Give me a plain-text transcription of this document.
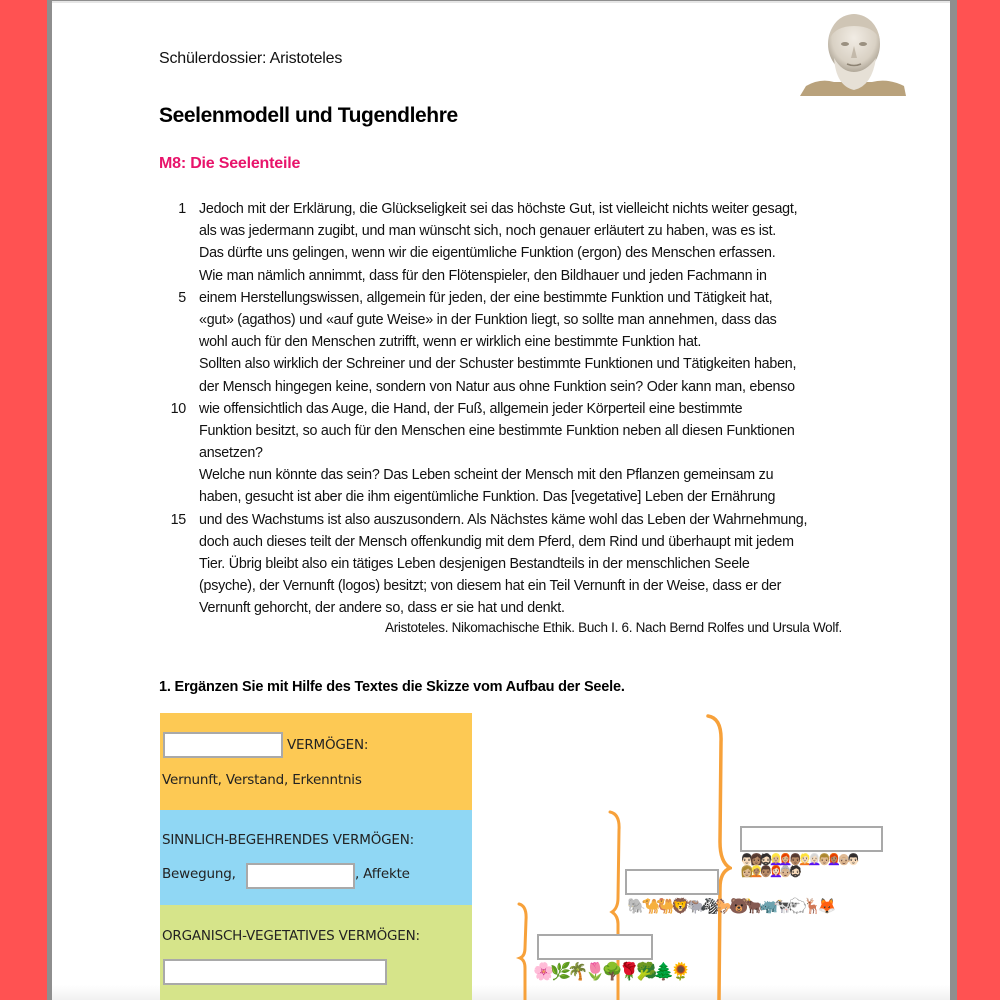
Schülerdossier: Aristoteles
Seelenmodell und Tugendlehre
M8: Die Seelenteile
1 Jedoch mit der Erklärung, die Glückseligkeit sei das höchste Gut, ist vielleicht nichts weiter gesagt,
als was jedermann zugibt, und man wünscht sich, noch genauer erläutert zu haben, was es ist.
Das dürfte uns gelingen, wenn wir die eigentümliche Funktion (ergon) des Menschen erfassen.
Wie man nämlich annimmt, dass für den Flötenspieler, den Bildhauer und jeden Fachmann in
5 einem Herstellungswissen, allgemein für jeden, der eine bestimmte Funktion und Tätigkeit hat,
«gut» (agathos) und «auf gute Weise» in der Funktion liegt, so sollte man annehmen, dass das
wohl auch für den Menschen zutrifft, wenn er wirklich eine bestimmte Funktion hat.
Sollten also wirklich der Schreiner und der Schuster bestimmte Funktionen und Tätigkeiten haben,
der Mensch hingegen keine, sondern von Natur aus ohne Funktion sein? Oder kann man, ebenso
10 wie offensichtlich das Auge, die Hand, der Fuß, allgemein jeder Körperteil eine bestimmte
Funktion besitzt, so auch für den Menschen eine bestimmte Funktion neben all diesen Funktionen
ansetzen?
Welche nun könnte das sein? Das Leben scheint der Mensch mit den Pflanzen gemeinsam zu
haben, gesucht ist aber die ihm eigentümliche Funktion. Das [vegetative] Leben der Ernährung
15 und des Wachstums ist also auszusondern. Als Nächstes käme wohl das Leben der Wahrnehmung,
doch auch dieses teilt der Mensch offenkundig mit dem Pferd, dem Rind und überhaupt mit jedem
Tier. Übrig bleibt also ein tätiges Leben desjenigen Bestandteils in der menschlichen Seele
(psyche), der Vernunft (logos) besitzt; von diesem hat ein Teil Vernunft in der Weise, dass er der
Vernunft gehorcht, der andere so, dass er sie hat und denkt.
Aristoteles. Nikomachische Ethik. Buch I. 6. Nach Bernd Rolfes und Ursula Wolf.
1. Ergänzen Sie mit Hilfe des Textes die Skizze vom Aufbau der Seele.
VERMÖGEN:
Vernunft, Verstand, Erkenntnis
SINNLICH-BEGEHRENDES VERMÖGEN:
Bewegung,	, Affekte
ORGANISCH-VEGETATIVES VERMÖGEN:
👨🏻👩🏽🧔🏻👱🏼‍♀️👩🏼‍🦰👨🏽👱🏻👩🏻‍🦳👨🏼👩🏽‍🦰👴🏼👨🏻👩🏼👱🏽👨🏽👩🏻‍🦰👵🏼🧔🏻
🐘🐪🐫🦁🐃🦓🐎🐻🐂🦏🐄🐑🦌🦊
🌸🌿🌴🌷🌳🌹🥦🌲🌻
